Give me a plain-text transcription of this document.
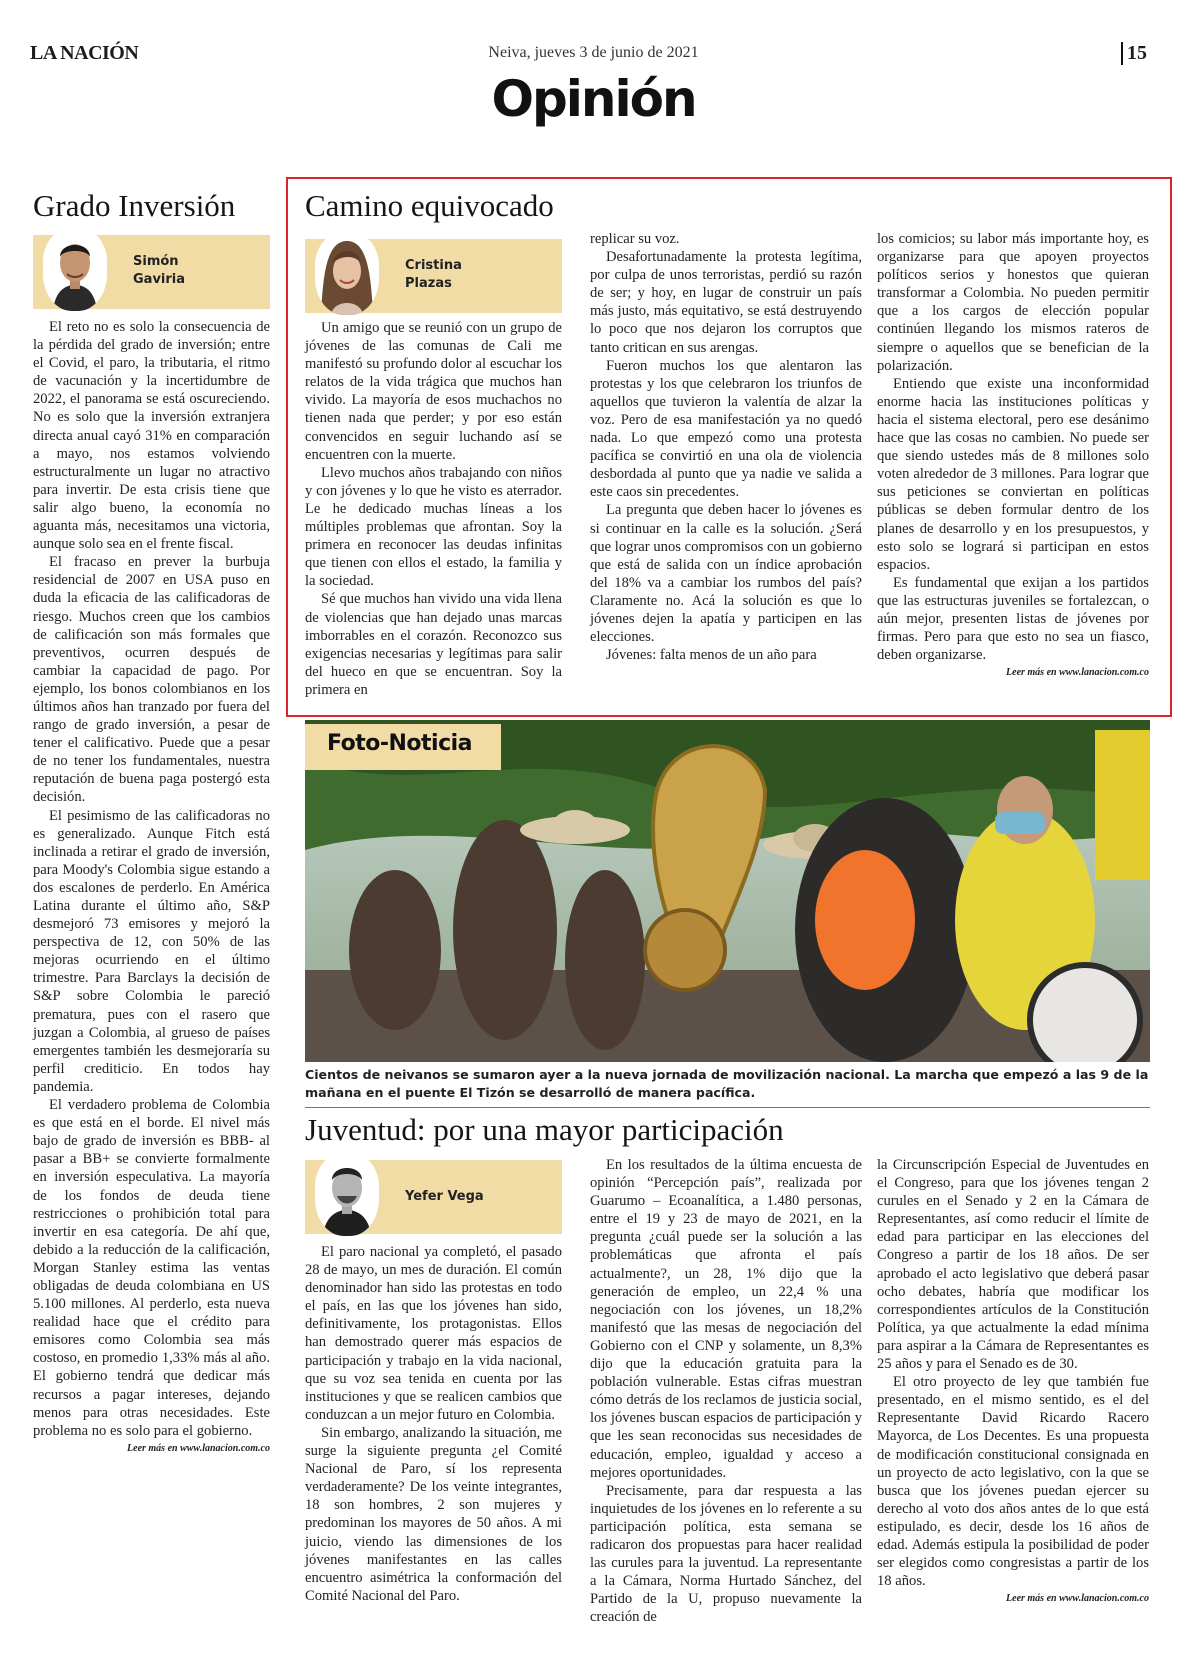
LA NACIÓN	Neiva, jueves 3 de junio de 2021	15
Opinión
Grado Inversión
Simón
Gaviria

El reto no es solo la consecuencia de la pérdida del grado de inversión; entre el Covid, el paro, la tributaria, el ritmo de vacunación y la incertidumbre de 2022, el panorama se está oscureciendo. No es solo que la inversión extranjera directa anual cayó 31% en comparación a mayo, nos estamos volviendo estructuralmente un lugar no atractivo para invertir. De esta crisis tiene que salir algo bueno, la economía no aguanta más, necesitamos una victoria, aunque solo sea en el frente fiscal.

El fracaso en prever la burbuja residencial de 2007 en USA puso en duda la eficacia de las calificadoras de riesgo. Muchos creen que los cambios de calificación son más formales que preventivos, ocurren después de cambiar la capacidad de pago. Por ejemplo, los bonos colombianos en los últimos años han tranzado por fuera del rango de grado inversión, a pesar de tener el calificativo. Puede que a pesar de no tener los fundamentales, nuestra reputación de buena paga postergó esta decisión.

El pesimismo de las calificadoras no es generalizado. Aunque Fitch está inclinada a retirar el grado de inversión, para Moody's Colombia sigue estando a dos escalones de perderlo. En América Latina durante el último año, S&P desmejoró 73 emisores y mejoró la perspectiva de 12, con 50% de las mejoras ocurriendo en el último trimestre. Para Barclays la decisión de S&P sobre Colombia le pareció prematura, pues con el rasero que juzgan a Colombia, al grueso de países emergentes también les desmejoraría su perfil crediticio. En todos hay pandemia.

El verdadero problema de Colombia es que está en el borde. El nivel más bajo de grado de inversión es BBB- al pasar a BB+ se convierte formalmente en inversión especulativa. La mayoría de los fondos de deuda tiene restricciones o prohibición total para invertir en esa categoría. De ahí que, debido a la reducción de la calificación, Morgan Stanley estima las ventas obligadas de deuda colombiana en US 5.100 millones. Al perderlo, esta nueva realidad hace que el crédito para emisores como Colombia sea más costoso, en promedio 1,33% más al año. El gobierno tendrá que dedicar más recursos a pagar intereses, dejando menos para otras necesidades. Este problema no es solo para el gobierno.

Leer más en www.lanacion.com.co
Camino equivocado
Cristina
Plazas

Un amigo que se reunió con un grupo de jóvenes de las comunas de Cali me manifestó su profundo dolor al escuchar los relatos de la vida trágica que muchos han vivido. La mayoría de esos muchachos no tienen nada que perder; y por eso están convencidos en seguir luchando así se encuentren con la muerte.

Llevo muchos años trabajando con niños y con jóvenes y lo que he visto es aterrador. Le he dedicado muchas líneas a los múltiples problemas que afrontan. Soy la primera en reconocer las deudas infinitas que tienen con ellos el estado, la familia y la sociedad.

Sé que muchos han vivido una vida llena de violencias que han dejado unas marcas imborrables en el corazón. Reconozco sus exigencias necesarias y legítimas para salir del hueco en que se encuentran. Soy la primera en

replicar su voz.

Desafortunadamente la protesta legítima, por culpa de unos terroristas, perdió su razón de ser; y hoy, en lugar de construir un país más justo, más equitativo, se está destruyendo lo poco que nos dejaron los corruptos que tanto critican en sus arengas.

Fueron muchos los que alentaron las protestas y los que celebraron los triunfos de aquellos que tuvieron la valentía de alzar la voz. Pero de esa manifestación ya no quedó nada. Lo que empezó como una protesta pacífica se convirtió en una ola de violencia desbordada al punto que ya nadie ve salida a este caos sin precedentes.

La pregunta que deben hacer lo jóvenes es si continuar en la calle es la solución. ¿Será que lograr unos compromisos con un gobierno que está de salida con un índice aprobación del 18% va a cambiar los rumbos del país? Claramente no. Acá la solución es que lo jóvenes dejen la apatía y participen en las elecciones.

Jóvenes: falta menos de un año para

los comicios; su labor más importante hoy, es organizarse para que apoyen proyectos políticos serios y honestos que quieran transformar a Colombia. No pueden permitir que a los cargos de elección popular continúen llegando los mismos rateros de siempre o aquellos que se benefician de la polarización.

Entiendo que existe una inconformidad enorme hacia las instituciones políticas y hacia el sistema electoral, pero ese desánimo hace que las cosas no cambien. No puede ser que siendo ustedes más de 8 millones solo voten alrededor de 3 millones. Para lograr que sus peticiones se conviertan en políticas públicas se deben formular dentro de los planes de desarrollo y en los presupuestos, y esto solo se logrará si participan en estos espacios.

Es fundamental que exijan a los partidos que las estructuras juveniles se fortalezcan, o aún mejor, presenten listas de jóvenes por firmas. Pero para que esto no sea un fiasco, deben organizarse.

Leer más en www.lanacion.com.co
Foto-Noticia
Cientos de neivanos se sumaron ayer a la nueva jornada de movilización nacional. La marcha que empezó a las 9 de la mañana en el puente El Tizón se desarrolló de manera pacífica.
Juventud: por una mayor participación
Yefer Vega

El paro nacional ya completó, el pasado 28 de mayo, un mes de duración. El común denominador han sido las protestas en todo el país, en las que los jóvenes han sido, definitivamente, los protagonistas. Ellos han demostrado querer más espacios de participación y trabajo en la vida nacional, que su voz sea tenida en cuenta por las instituciones y que se realicen cambios que conduzcan a un mejor futuro en Colombia.

Sin embargo, analizando la situación, me surge la siguiente pregunta ¿el Comité Nacional de Paro, sí los representa verdaderamente? De los veinte integrantes, 18 son hombres, 2 son mujeres y predominan los mayores de 50 años. A mi juicio, viendo las dimensiones de los jóvenes manifestantes en las calles encuentro asimétrica la conformación del Comité Nacional del Paro.

En los resultados de la última encuesta de opinión “Percepción país”, realizada por Guarumo – Ecoanalítica, a 1.480 personas, entre el 19 y 23 de mayo de 2021, en la pregunta ¿cuál puede ser la solución a las problemáticas que afronta el país actualmente?, un 28, 1% dijo que la generación de empleo, un 22,4 % una negociación con los jóvenes, un 18,2% manifestó que las mesas de negociación del Gobierno con el CNP y solamente, un 8,3% dijo que la educación gratuita para la población vulnerable. Estas cifras muestran cómo detrás de los reclamos de justicia social, los jóvenes buscan espacios de participación y que les sean reconocidas sus necesidades de educación, empleo, igualdad y acceso a mejores oportunidades.

Precisamente, para dar respuesta a las inquietudes de los jóvenes en lo referente a su participación política, esta semana se radicaron dos propuestas para hacer realidad las curules para la juventud. La representante a la Cámara, Norma Hurtado Sánchez, del Partido de la U, propuso nuevamente la creación de

la Circunscripción Especial de Juventudes en el Congreso, para que los jóvenes tengan 2 curules en el Senado y 2 en la Cámara de Representantes, así como reducir el límite de edad para participar en las elecciones del Congreso a partir de los 18 años. De ser aprobado el acto legislativo que deberá pasar ocho debates, habría que modificar los correspondientes artículos de la Constitución Política, ya que actualmente la edad mínima para aspirar a la Cámara de Representantes es 25 años y para el Senado es de 30.

El otro proyecto de ley que también fue presentado, en el mismo sentido, es el del Representante David Ricardo Racero Mayorca, de Los Decentes. Es una propuesta de modificación constitucional consignada en un proyecto de acto legislativo, con la que se busca que los jóvenes puedan ejercer su derecho al voto dos años antes de lo que está estipulado, es decir, desde los 16 años de edad. Además estipula la posibilidad de poder ser elegidos como congresistas a partir de los 18 años.

Leer más en www.lanacion.com.co
